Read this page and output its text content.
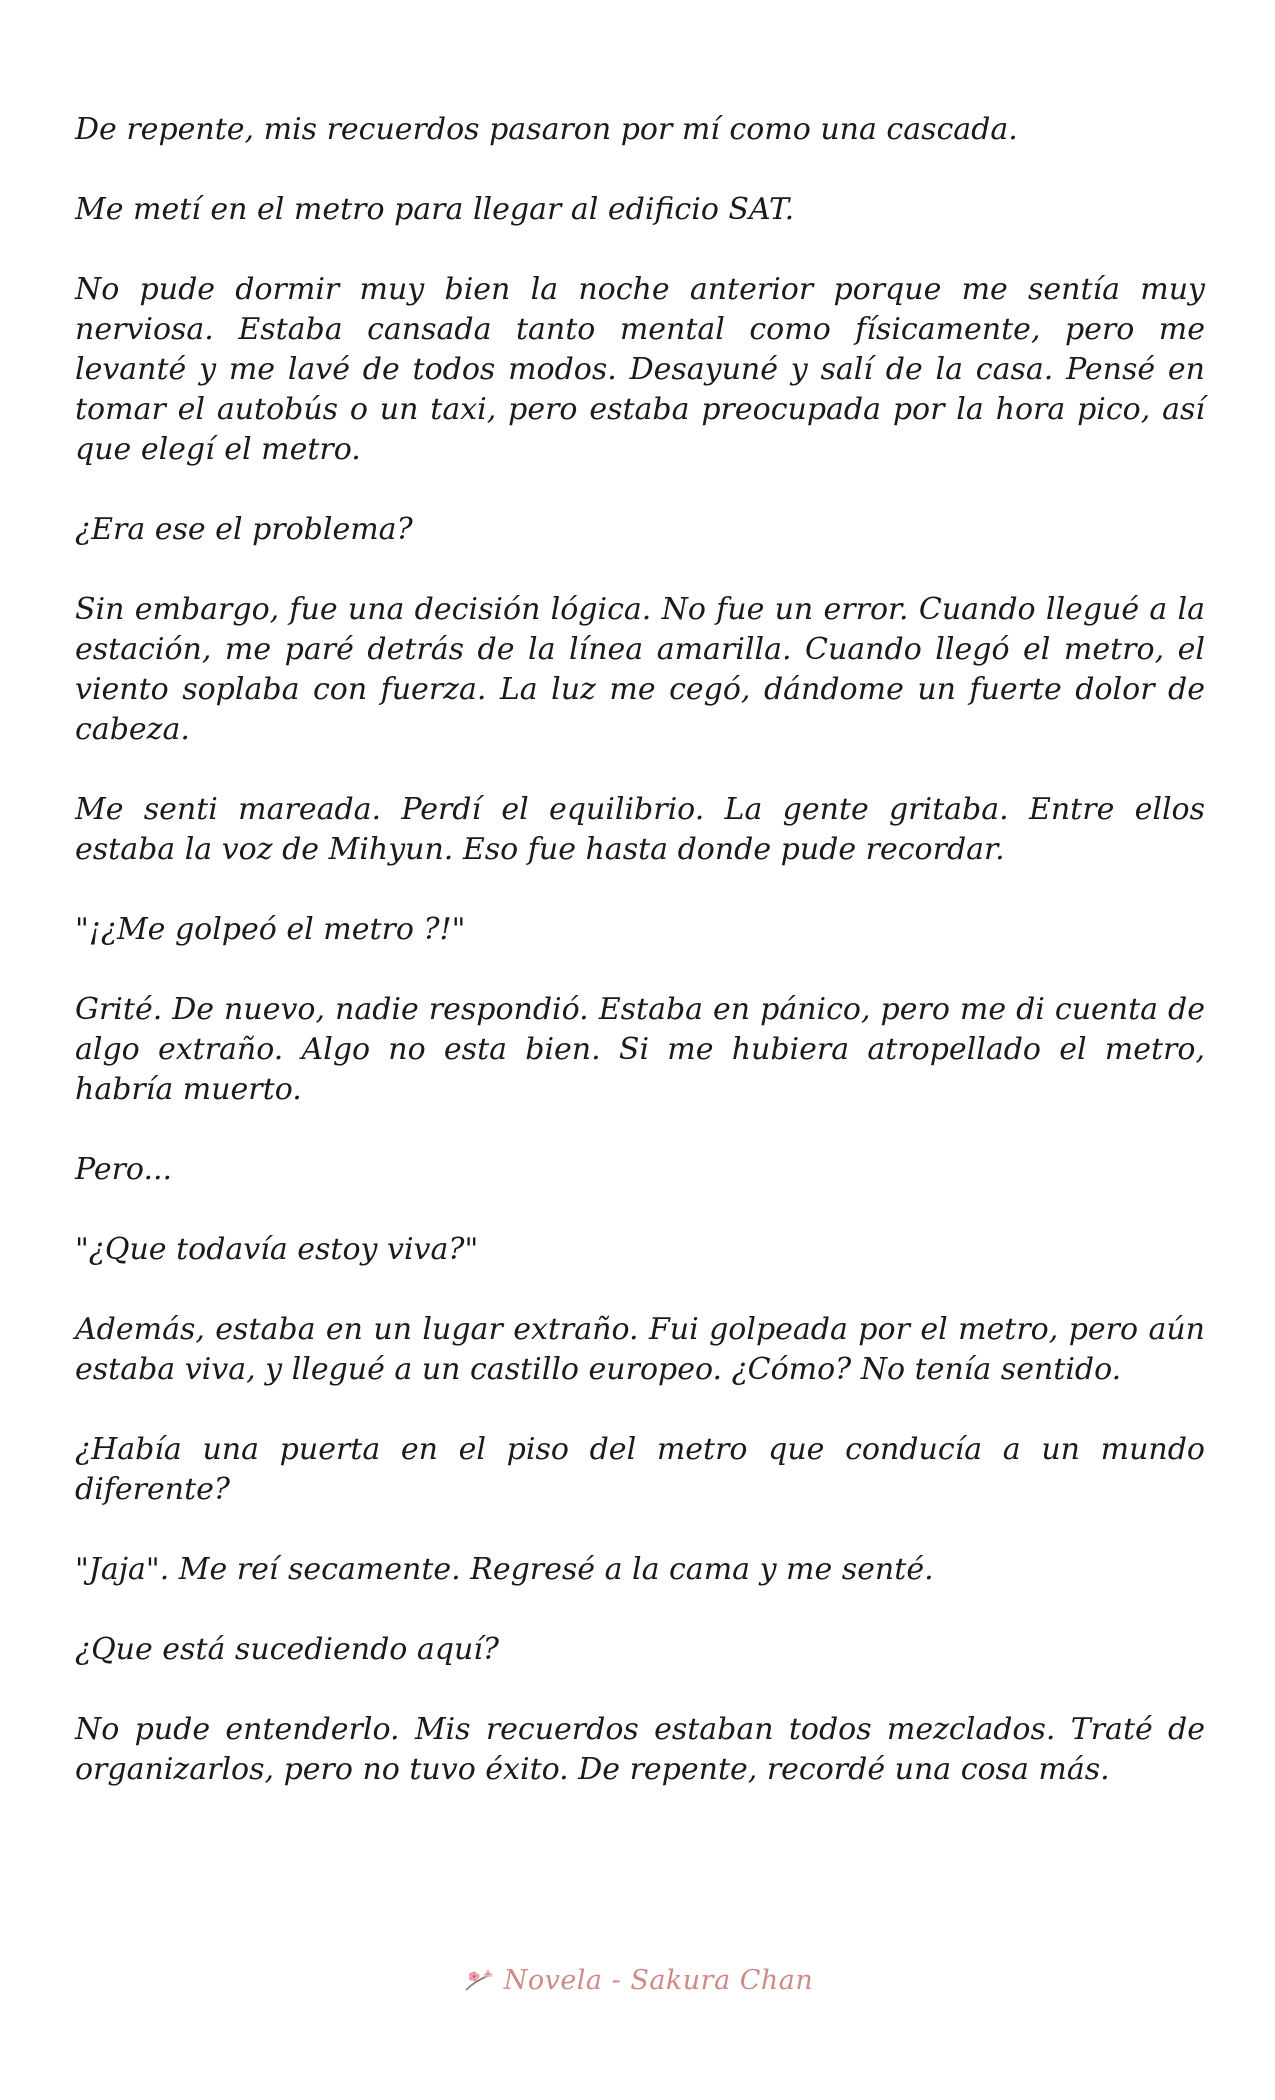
De repente, mis recuerdos pasaron por mí como una cascada.

Me metí en el metro para llegar al edificio SAT.

No pude dormir muy bien la noche anterior porque me sentía muy nerviosa. Estaba cansada tanto mental como físicamente, pero me levanté y me lavé de todos modos. Desayuné y salí de la casa. Pensé en tomar el autobús o un taxi, pero estaba preocupada por la hora pico, así que elegí el metro.

¿Era ese el problema?

Sin embargo, fue una decisión lógica. No fue un error. Cuando llegué a la estación, me paré detrás de la línea amarilla. Cuando llegó el metro, el viento soplaba con fuerza. La luz me cegó, dándome un fuerte dolor de cabeza.

Me senti mareada. Perdí el equilibrio. La gente gritaba. Entre ellos estaba la voz de Mihyun. Eso fue hasta donde pude recordar.

"¡¿Me golpeó el metro ?!"

Grité. De nuevo, nadie respondió. Estaba en pánico, pero me di cuenta de algo extraño. Algo no esta bien. Si me hubiera atropellado el metro, habría muerto.

Pero...

"¿Que todavía estoy viva?"

Además, estaba en un lugar extraño. Fui golpeada por el metro, pero aún estaba viva, y llegué a un castillo europeo. ¿Cómo? No tenía sentido.

¿Había una puerta en el piso del metro que conducía a un mundo diferente?

"Jaja". Me reí secamente. Regresé a la cama y me senté.

¿Que está sucediendo aquí?

No pude entenderlo. Mis recuerdos estaban todos mezclados. Traté de organizarlos, pero no tuvo éxito. De repente, recordé una cosa más.

Novela - Sakura Chan
